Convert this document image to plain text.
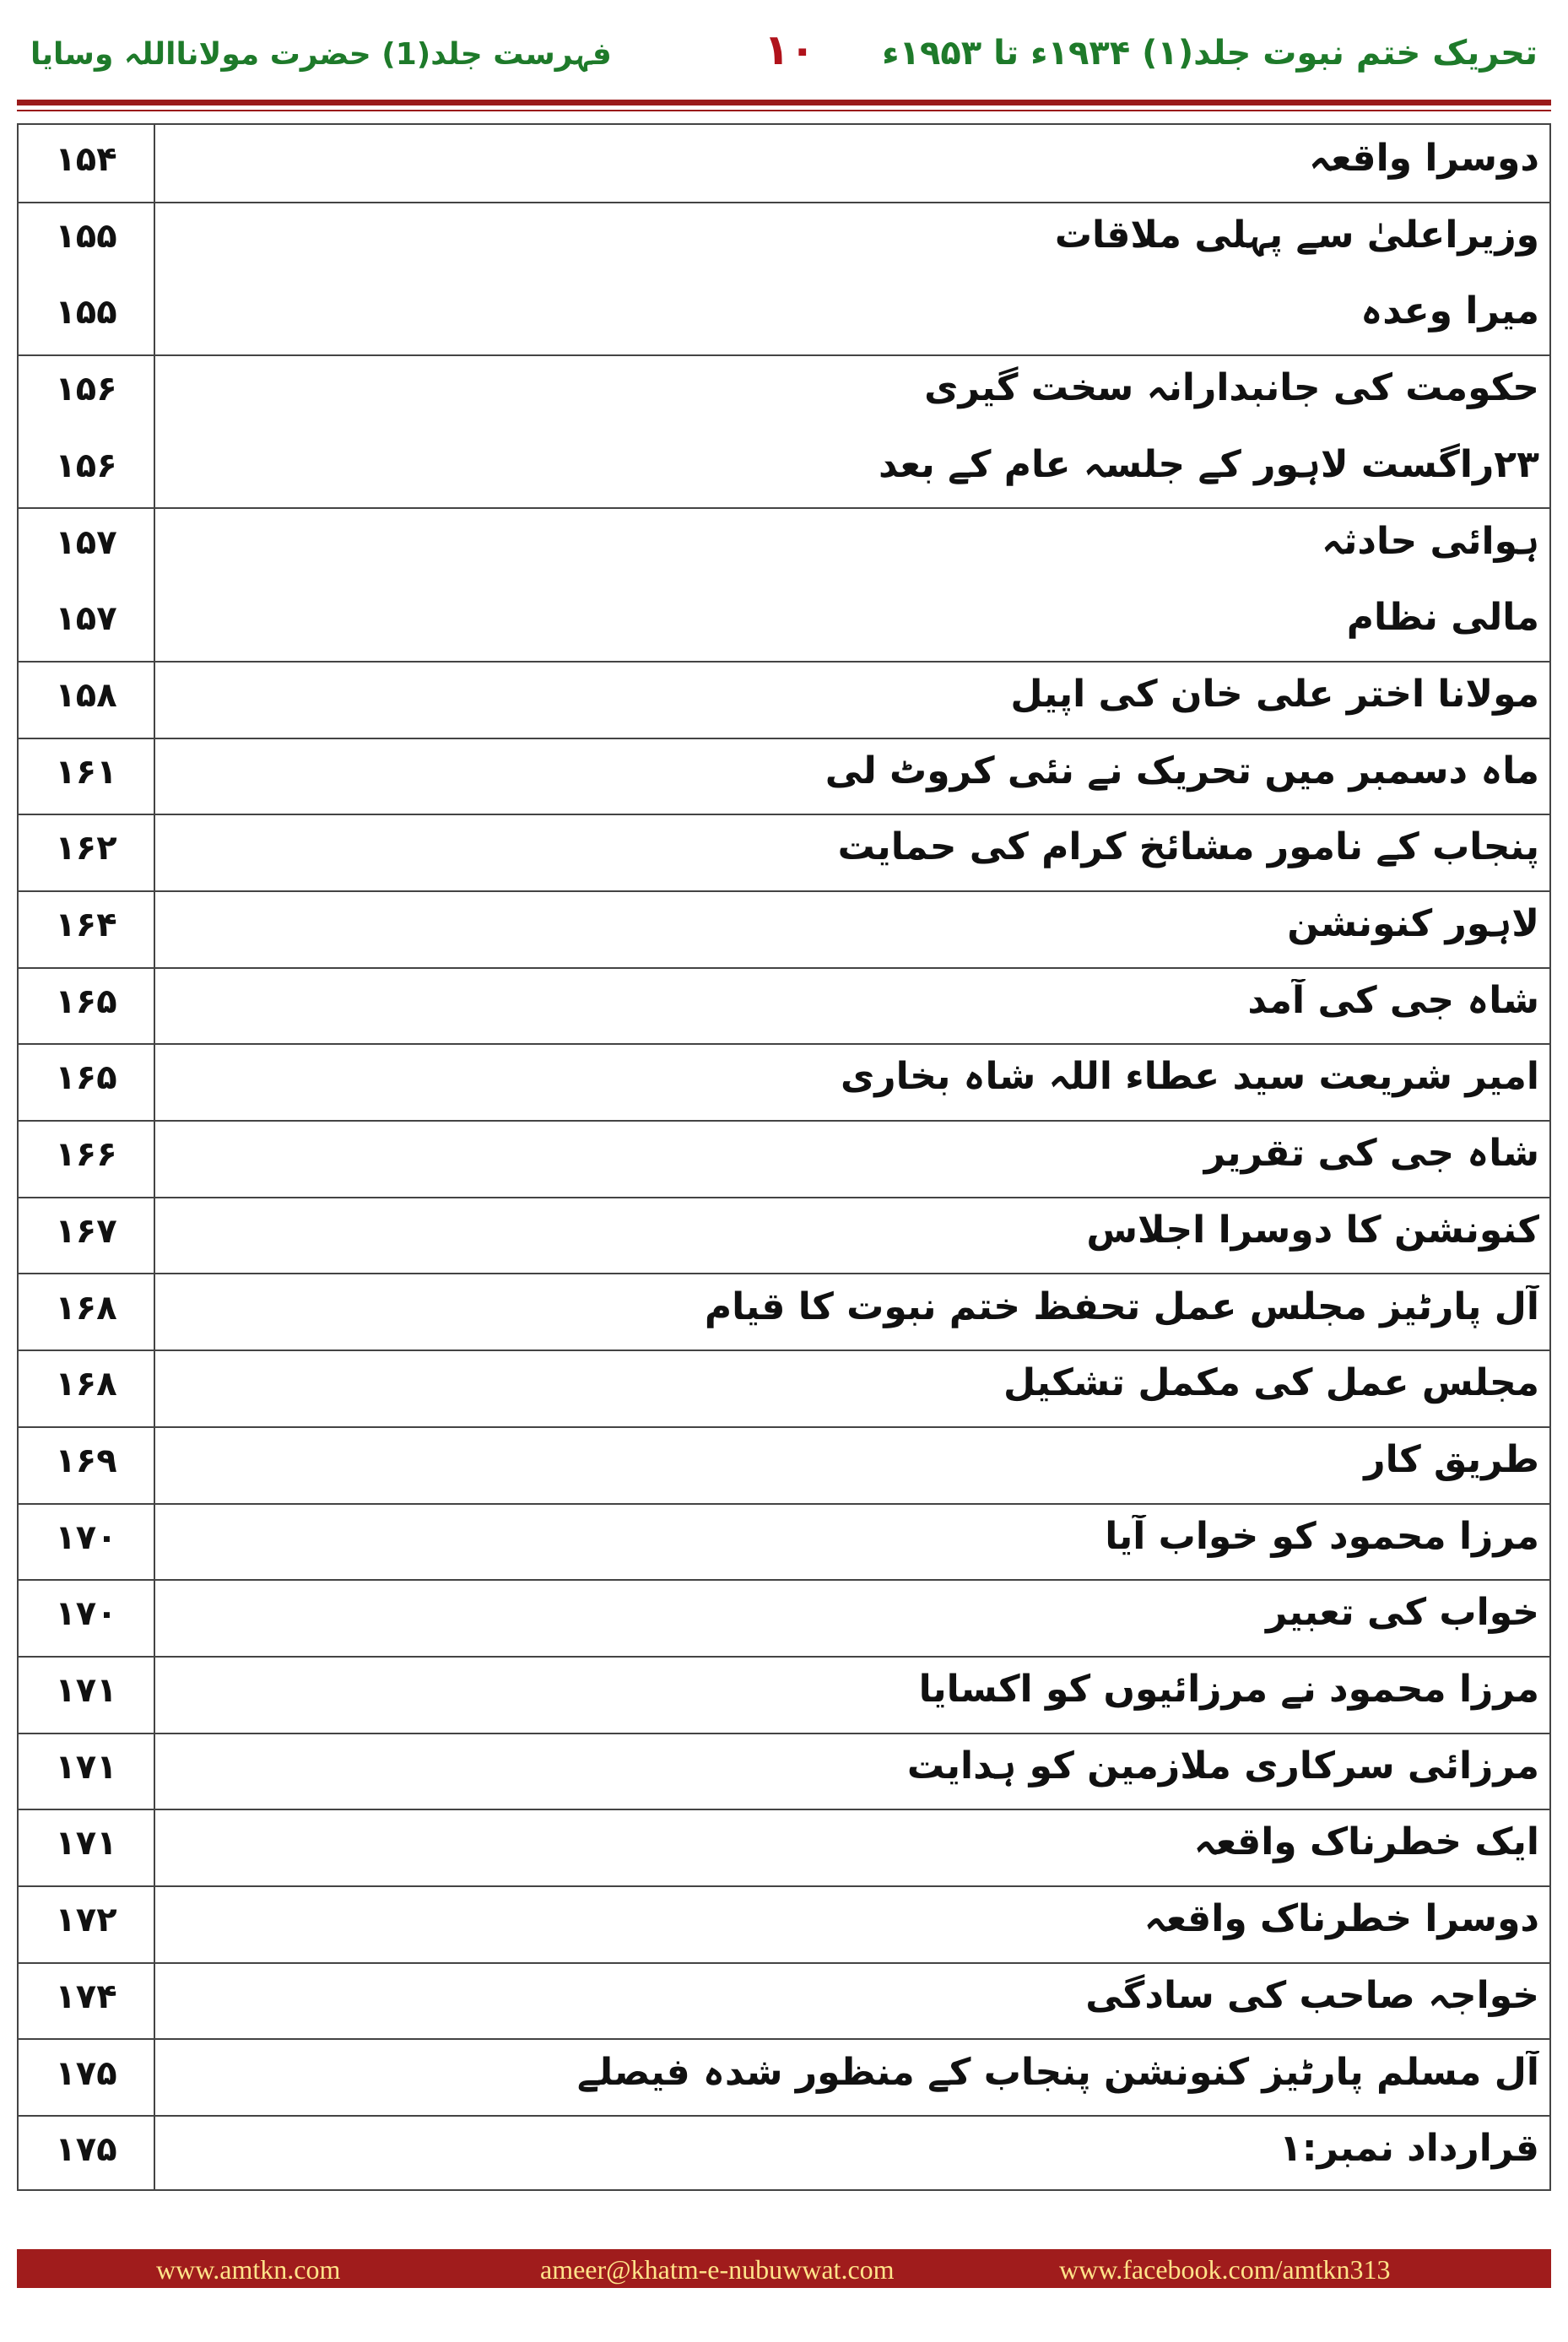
تحریک ختم نبوت جلد(۱) ۱۹۳۴ء تا ۱۹۵۳ء
۱۰
فہرست جلد(1) حضرت مولانااللہ وسایا
۱۵۴	دوسرا واقعہ
۱۵۵	وزیراعلیٰ سے پہلی ملاقات
۱۵۵	میرا وعدہ
۱۵۶	حکومت کی جانبدارانہ سخت گیری
۱۵۶	۲۳راگست لاہور کے جلسہ عام کے بعد
۱۵۷	ہوائی حادثہ
۱۵۷	مالی نظام
۱۵۸	مولانا اختر علی خان کی اپیل
۱۶۱	ماہ دسمبر میں تحریک نے نئی کروٹ لی
۱۶۲	پنجاب کے نامور مشائخ کرام کی حمایت
۱۶۴	لاہور کنونشن
۱۶۵	شاہ جی کی آمد
۱۶۵	امیر شریعت سید عطاء اللہ شاہ بخاری
۱۶۶	شاہ جی کی تقریر
۱۶۷	کنونشن کا دوسرا اجلاس
۱۶۸	آل پارٹیز مجلس عمل تحفظ ختم نبوت کا قیام
۱۶۸	مجلس عمل کی مکمل تشکیل
۱۶۹	طریق کار
۱۷۰	مرزا محمود کو خواب آیا
۱۷۰	خواب کی تعبیر
۱۷۱	مرزا محمود نے مرزائیوں کو اکسایا
۱۷۱	مرزائی سرکاری ملازمین کو ہدایت
۱۷۱	ایک خطرناک واقعہ
۱۷۲	دوسرا خطرناک واقعہ
۱۷۴	خواجہ صاحب کی سادگی
۱۷۵	آل مسلم پارٹیز کنونشن پنجاب کے منظور شدہ فیصلے
۱۷۵	قرارداد نمبر:۱
www.amtkn.com	ameer@khatm-e-nubuwwat.com	www.facebook.com/amtkn313
